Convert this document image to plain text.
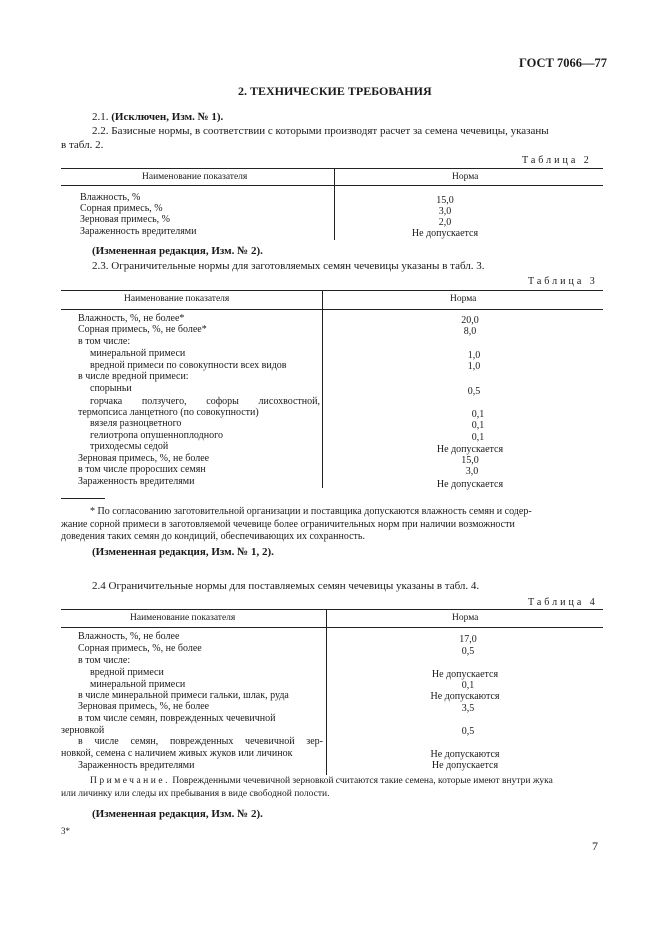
ГОСТ 7066—77
2. ТЕХНИЧЕСКИЕ ТРЕБОВАНИЯ
2.1. (Исключен, Изм. № 1).
2.2. Базисные нормы, в соответствии с которыми производят расчет за семена чечевицы, указаны
в табл. 2.
Таблица 2
Наименование показателя	Норма
Влажность, %	15,0
Сорная примесь, %	3,0
Зерновая примесь, %	2,0
Зараженность вредителями	Не допускается
(Измененная редакция, Изм. № 2).
2.3. Ограничительные нормы для заготовляемых семян чечевицы указаны в табл. 3.
Таблица 3
Наименование показателя	Норма
Влажность, %, не более*	20,0
Сорная примесь, %, не более*	8,0
в том числе:
минеральной примеси	1,0
вредной примеси по совокупности всех видов	1,0
в числе вредной примеси:
спорыньи	0,5
горчака ползучего, софоры лисохвостной,
термопсиса ланцетного (по совокупности)	0,1
вязеля разноцветного	0,1
гелиотропа опушенноплодного	0,1
триходесмы седой	Не допускается
Зерновая примесь, %, не более	15,0
в том числе проросших семян	3,0
Зараженность вредителями	Не допускается
* По согласованию заготовительной организации и поставщика допускаются влажность семян и содер-
жание сорной примеси в заготовляемой чечевице более ограничительных норм при наличии возможности
доведения таких семян до кондиций, обеспечивающих их сохранность.
(Измененная редакция, Изм. № 1, 2).
2.4 Ограничительные нормы для поставляемых семян чечевицы указаны в табл. 4.
Таблица 4
Наименование показателя	Норма
Влажность, %, не более	17,0
Сорная примесь, %, не более	0,5
в том числе:
вредной примеси	Не допускается
минеральной примеси	0,1
в числе минеральной примеси гальки, шлак, руда	Не допускаются
Зерновая примесь, %, не более	3,5
в том числе семян, поврежденных чечевичной
зерновкой	0,5
в числе семян, поврежденных чечевичной зер-
новкой, семена с наличием живых жуков или личинок	Не допускаются
Зараженность вредителями	Не допускается
Примечание. Поврежденными чечевичной зерновкой считаются такие семена, которые имеют внутри жука
или личинку или следы их пребывания в виде свободной полости.
(Измененная редакция, Изм. № 2).
3*
7
